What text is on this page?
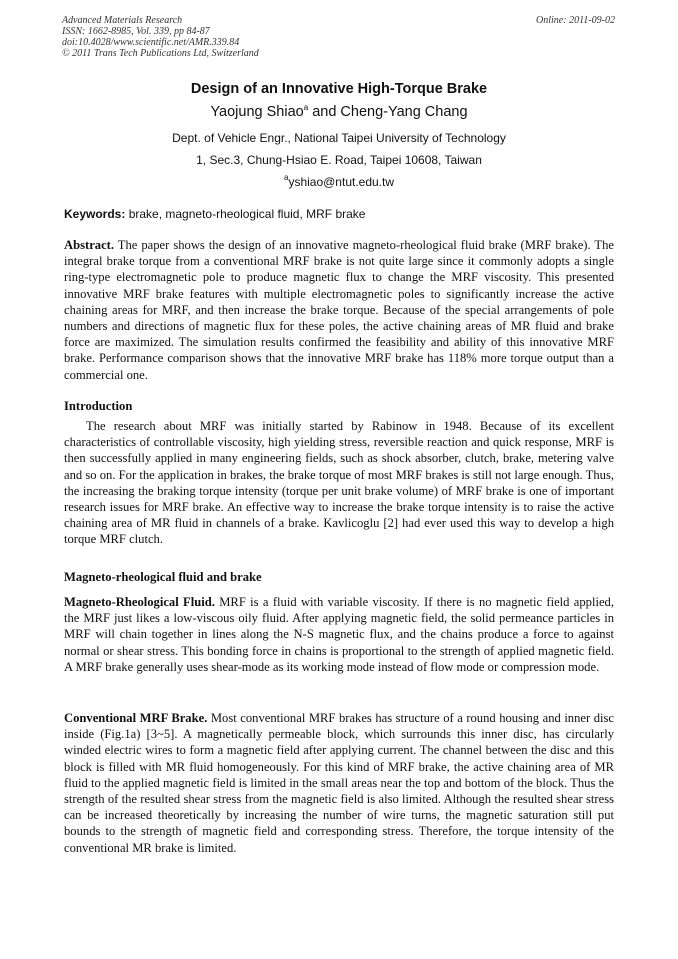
Advanced Materials Research
ISSN: 1662-8985, Vol. 339, pp 84-87
doi:10.4028/www.scientific.net/AMR.339.84
© 2011 Trans Tech Publications Ltd, Switzerland
Online: 2011-09-02
Design of an Innovative High-Torque Brake
Yaojung Shiao$^a$ and Cheng-Yang Chang
Dept. of Vehicle Engr., National Taipei University of Technology
1, Sec.3, Chung-Hsiao E. Road, Taipei 10608, Taiwan
$^a$yshiao@ntut.edu.tw
Keywords: brake, magneto-rheological fluid, MRF brake
Abstract. The paper shows the design of an innovative magneto-rheological fluid brake (MRF brake). The integral brake torque from a conventional MRF brake is not quite large since it commonly adopts a single ring-type electromagnetic pole to produce magnetic flux to change the MRF viscosity. This presented innovative MRF brake features with multiple electromagnetic poles to significantly increase the active chaining areas for MRF, and then increase the brake torque. Because of the special arrangements of pole numbers and directions of magnetic flux for these poles, the active chaining areas of MR fluid and brake force are maximized. The simulation results confirmed the feasibility and ability of this innovative MRF brake. Performance comparison shows that the innovative MRF brake has 118% more torque output than a commercial one.
Introduction
The research about MRF was initially started by Rabinow in 1948. Because of its excellent characteristics of controllable viscosity, high yielding stress, reversible reaction and quick response, MRF is then successfully applied in many engineering fields, such as shock absorber, clutch, brake, metering valve and so on. For the application in brakes, the brake torque of most MRF brakes is still not large enough. Thus, the increasing the braking torque intensity (torque per unit brake volume) of MRF brake is one of important research issues for MRF brake. An effective way to increase the brake torque intensity is to raise the active chaining area of MR fluid in channels of a brake. Kavlicoglu [2] had ever used this way to develop a high torque MRF clutch.
Magneto-rheological fluid and brake
Magneto-Rheological Fluid. MRF is a fluid with variable viscosity. If there is no magnetic field applied, the MRF just likes a low-viscous oily fluid. After applying magnetic field, the solid permeance particles in MRF will chain together in lines along the N-S magnetic flux, and the chains produce a force to against normal or shear stress. This bonding force in chains is proportional to the strength of applied magnetic field. A MRF brake generally uses shear-mode as its working mode instead of flow mode or compression mode.
Conventional MRF Brake. Most conventional MRF brakes has structure of a round housing and inner disc inside (Fig.1a) [3~5]. A magnetically permeable block, which surrounds this inner disc, has circularly winded electric wires to form a magnetic field after applying current. The channel between the disc and this block is filled with MR fluid homogeneously. For this kind of MRF brake, the active chaining area of MR fluid to the applied magnetic field is limited in the small areas near the top and bottom of the block. Thus the strength of the resulted shear stress from the magnetic field is also limited. Although the resulted shear stress can be increased theoretically by increasing the number of wire turns, the magnetic saturation still put bounds to the strength of magnetic field and corresponding stress. Therefore, the torque intensity of the conventional MR brake is limited.
